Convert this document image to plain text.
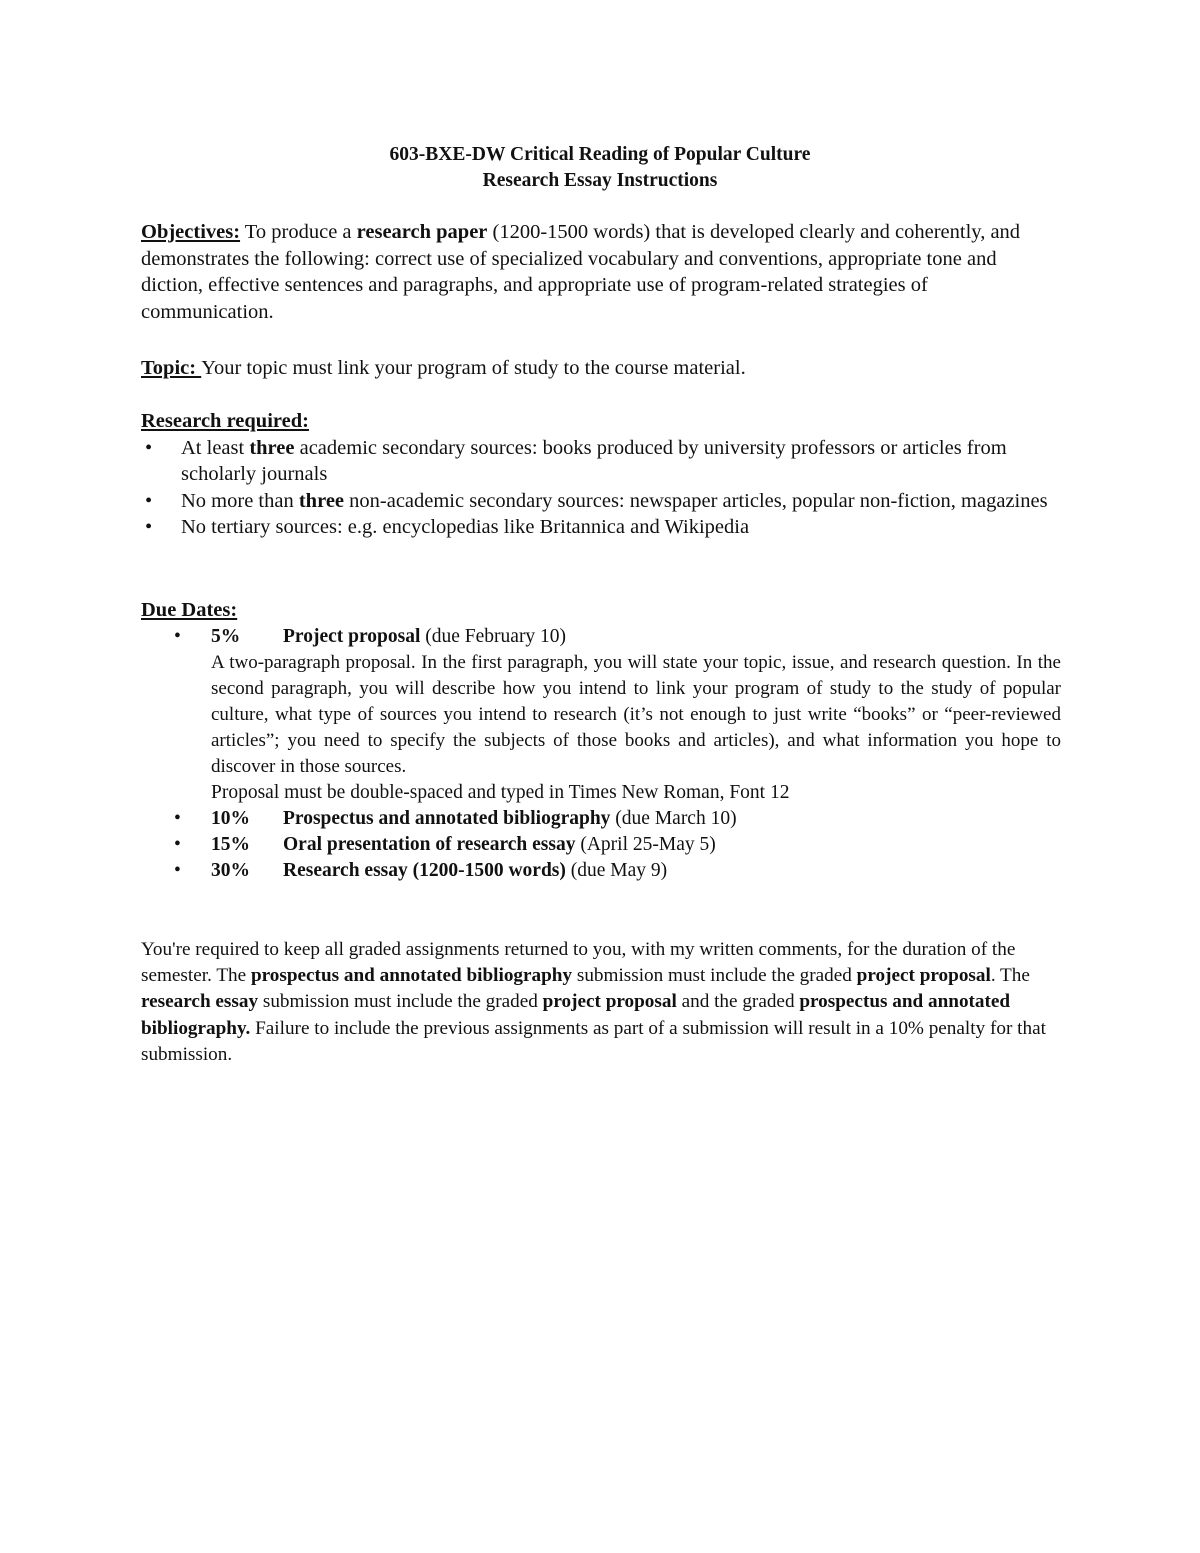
603-BXE-DW Critical Reading of Popular Culture
Research Essay Instructions
Objectives: To produce a research paper (1200-1500 words) that is developed clearly and coherently, and demonstrates the following: correct use of specialized vocabulary and conventions, appropriate tone and diction, effective sentences and paragraphs, and appropriate use of program-related strategies of communication.
Topic: Your topic must link your program of study to the course material.
Research required:
• At least three academic secondary sources: books produced by university professors or articles from scholarly journals
• No more than three non-academic secondary sources: newspaper articles, popular non-fiction, magazines
• No tertiary sources: e.g. encyclopedias like Britannica and Wikipedia
Due Dates:
• 5% Project proposal (due February 10)
A two-paragraph proposal. In the first paragraph, you will state your topic, issue, and research question. In the second paragraph, you will describe how you intend to link your program of study to the study of popular culture, what type of sources you intend to research (it’s not enough to just write “books” or “peer-reviewed articles”; you need to specify the subjects of those books and articles), and what information you hope to discover in those sources.
Proposal must be double-spaced and typed in Times New Roman, Font 12
• 10% Prospectus and annotated bibliography (due March 10)
• 15% Oral presentation of research essay (April 25-May 5)
• 30% Research essay (1200-1500 words) (due May 9)
You're required to keep all graded assignments returned to you, with my written comments, for the duration of the semester. The prospectus and annotated bibliography submission must include the graded project proposal. The research essay submission must include the graded project proposal and the graded prospectus and annotated bibliography. Failure to include the previous assignments as part of a submission will result in a 10% penalty for that submission.
